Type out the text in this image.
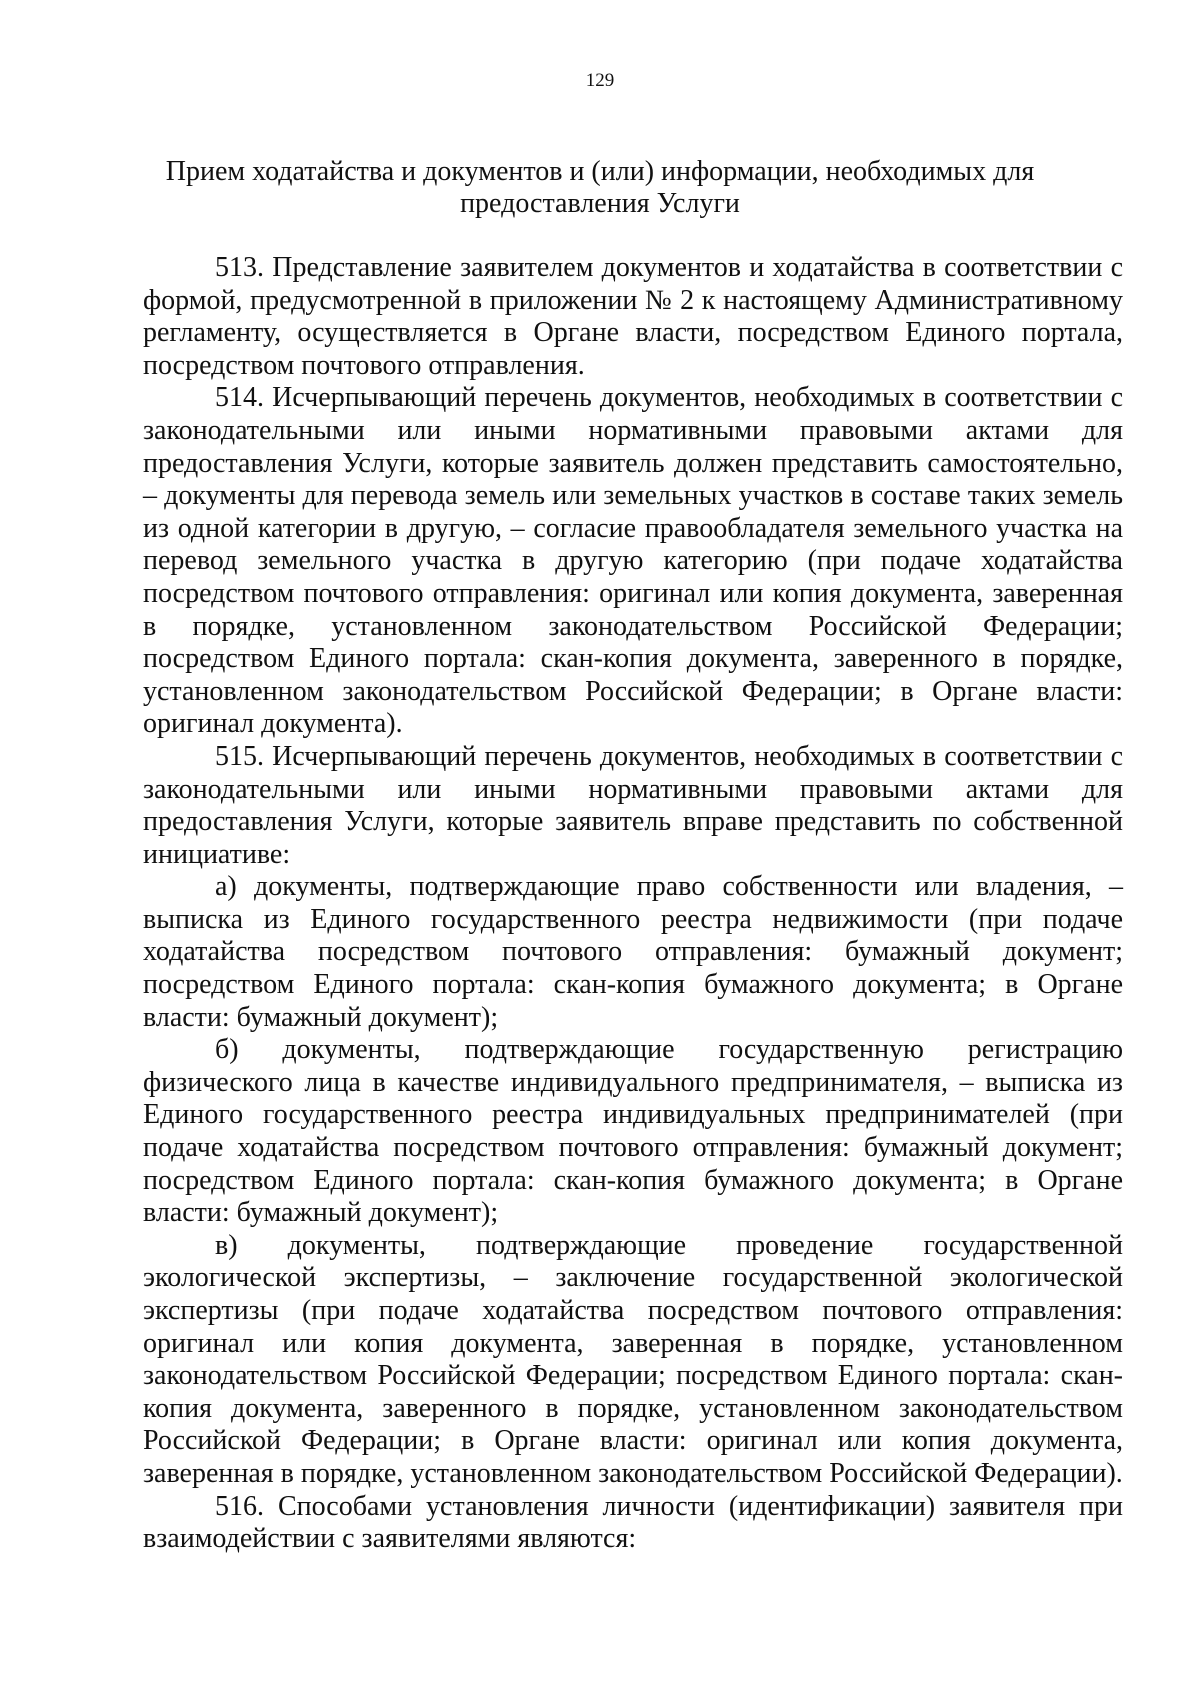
129
Прием ходатайства и документов и (или) информации, необходимых для предоставления Услуги

513. Представление заявителем документов и ходатайства в соответствии с формой, предусмотренной в приложении № 2 к настоящему Административному регламенту, осуществляется в Органе власти, посредством Единого портала, посредством почтового отправления.

514. Исчерпывающий перечень документов, необходимых в соответствии с законодательными или иными нормативными правовыми актами для предоставления Услуги, которые заявитель должен представить самостоятельно, – документы для перевода земель или земельных участков в составе таких земель из одной категории в другую, – согласие правообладателя земельного участка на перевод земельного участка в другую категорию (при подаче ходатайства посредством почтового отправления: оригинал или копия документа, заверенная в порядке, установленном законодательством Российской Федерации; посредством Единого портала: скан-копия документа, заверенного в порядке, установленном законодательством Российской Федерации; в Органе власти: оригинал документа).

515. Исчерпывающий перечень документов, необходимых в соответствии с законодательными или иными нормативными правовыми актами для предоставления Услуги, которые заявитель вправе представить по собственной инициативе:

а) документы, подтверждающие право собственности или владения, – выписка из Единого государственного реестра недвижимости (при подаче ходатайства посредством почтового отправления: бумажный документ; посредством Единого портала: скан-копия бумажного документа; в Органе власти: бумажный документ);

б) документы, подтверждающие государственную регистрацию физического лица в качестве индивидуального предпринимателя, – выписка из Единого государственного реестра индивидуальных предпринимателей (при подаче ходатайства посредством почтового отправления: бумажный документ; посредством Единого портала: скан-копия бумажного документа; в Органе власти: бумажный документ);

в) документы, подтверждающие проведение государственной экологической экспертизы, – заключение государственной экологической экспертизы (при подаче ходатайства посредством почтового отправления: оригинал или копия документа, заверенная в порядке, установленном законодательством Российской Федерации; посредством Единого портала: скан-копия документа, заверенного в порядке, установленном законодательством Российской Федерации; в Органе власти: оригинал или копия документа, заверенная в порядке, установленном законодательством Российской Федерации).

516. Способами установления личности (идентификации) заявителя при взаимодействии с заявителями являются:
